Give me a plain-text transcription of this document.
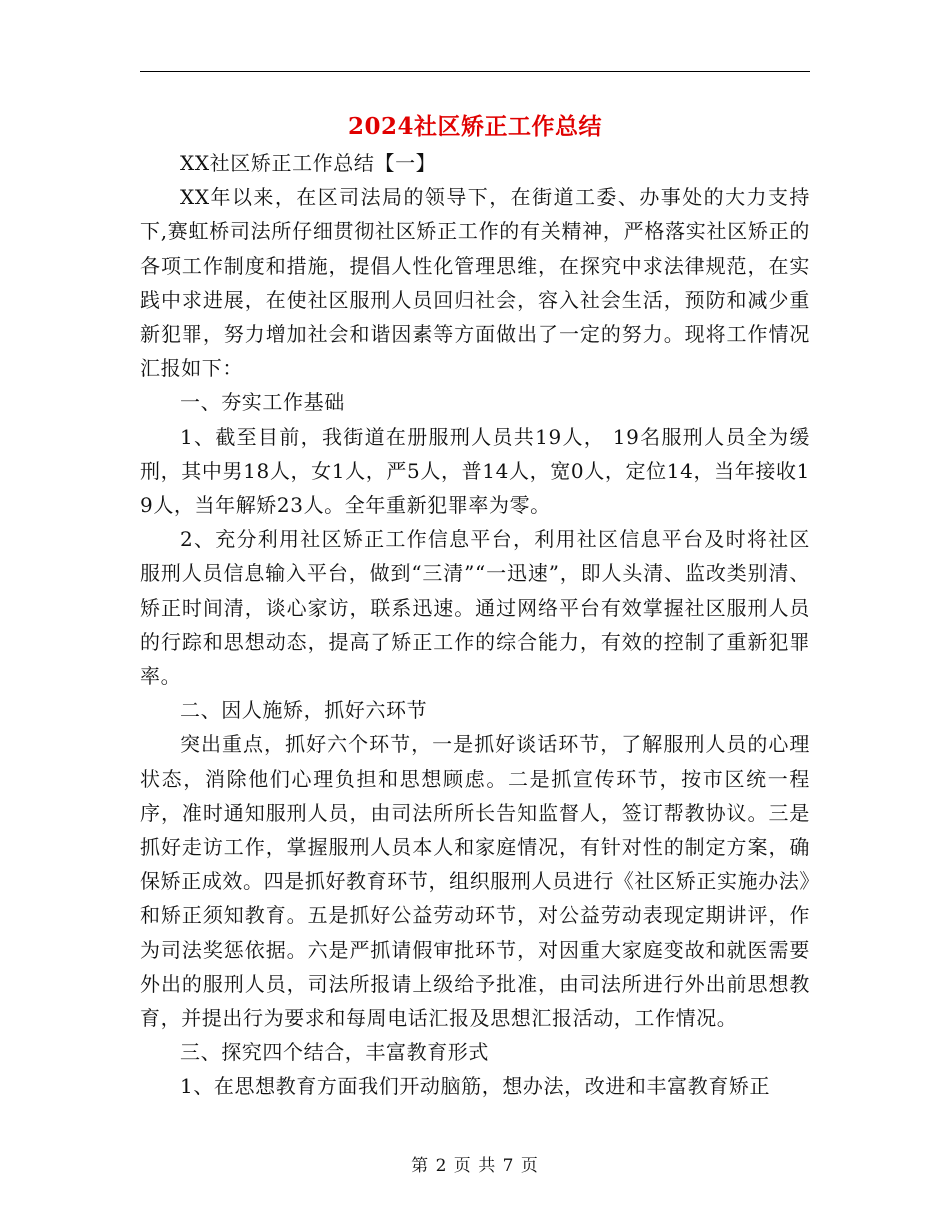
2024社区矫正工作总结

XX社区矫正工作总结【一】

XX年以来，在区司法局的领导下，在街道工委、办事处的大力支持下,赛虹桥司法所仔细贯彻社区矫正工作的有关精神，严格落实社区矫正的各项工作制度和措施，提倡人性化管理思维，在探究中求法律规范，在实践中求进展，在使社区服刑人员回归社会，容入社会生活，预防和减少重新犯罪，努力增加社会和谐因素等方面做出了一定的努力。现将工作情况汇报如下：

一、夯实工作基础

1、截至目前，我街道在册服刑人员共19人， 19名服刑人员全为缓刑，其中男18人，女1人，严5人，普14人，宽0人，定位14，当年接收19人，当年解矫23人。全年重新犯罪率为零。

2、充分利用社区矫正工作信息平台，利用社区信息平台及时将社区服刑人员信息输入平台，做到“三清”“一迅速”，即人头清、监改类别清、矫正时间清，谈心家访，联系迅速。通过网络平台有效掌握社区服刑人员的行踪和思想动态，提高了矫正工作的综合能力，有效的控制了重新犯罪率。

二、因人施矫，抓好六环节

突出重点，抓好六个环节，一是抓好谈话环节，了解服刑人员的心理状态，消除他们心理负担和思想顾虑。二是抓宣传环节，按市区统一程序，准时通知服刑人员，由司法所所长告知监督人，签订帮教协议。三是抓好走访工作，掌握服刑人员本人和家庭情况，有针对性的制定方案，确保矫正成效。四是抓好教育环节，组织服刑人员进行《社区矫正实施办法》和矫正须知教育。五是抓好公益劳动环节，对公益劳动表现定期讲评，作为司法奖惩依据。六是严抓请假审批环节，对因重大家庭变故和就医需要外出的服刑人员，司法所报请上级给予批准，由司法所进行外出前思想教育，并提出行为要求和每周电话汇报及思想汇报活动，工作情况。

三、探究四个结合，丰富教育形式

1、在思想教育方面我们开动脑筋，想办法，改进和丰富教育矫正

第 2 页 共 7 页
